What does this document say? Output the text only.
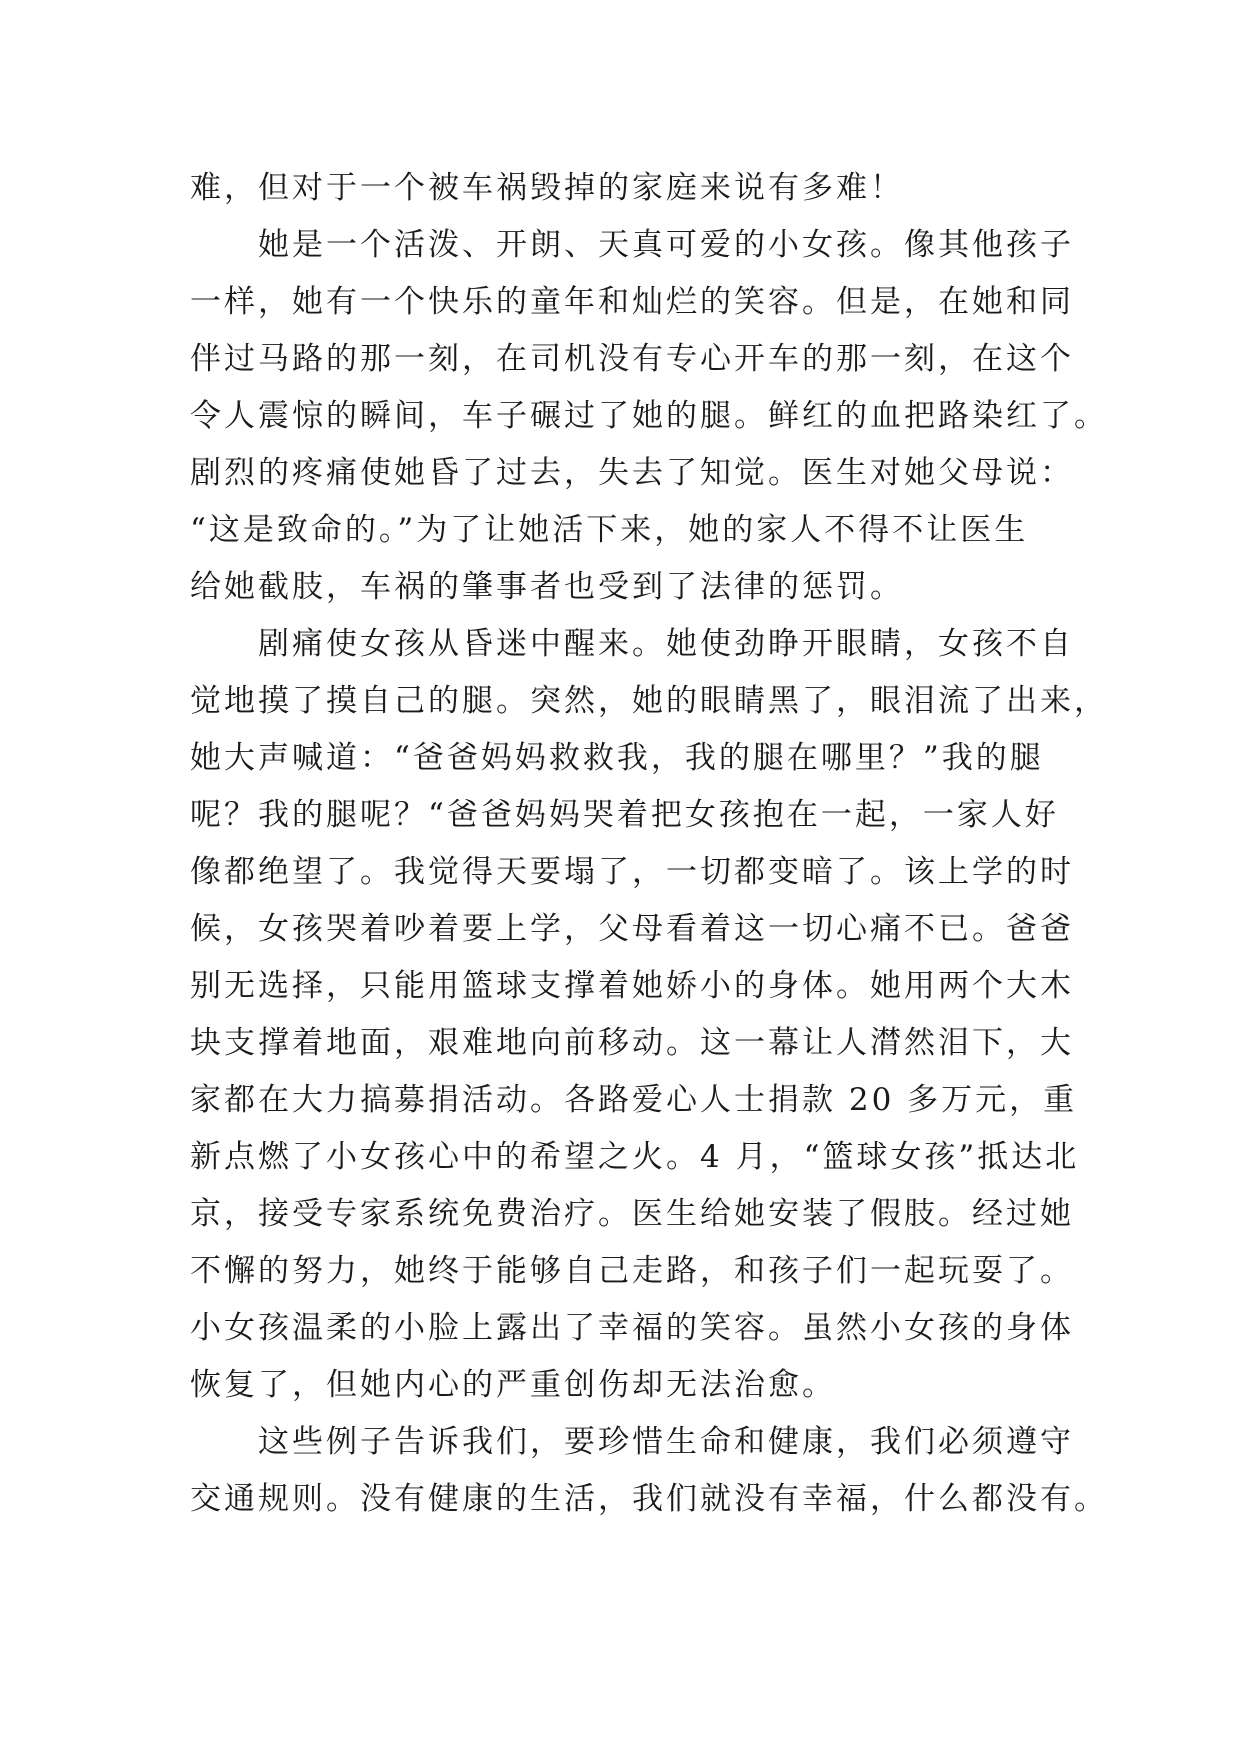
难，但对于一个被车祸毁掉的家庭来说有多难！
她是一个活泼、开朗、天真可爱的小女孩。像其他孩子
一样，她有一个快乐的童年和灿烂的笑容。但是，在她和同
伴过马路的那一刻，在司机没有专心开车的那一刻，在这个
令人震惊的瞬间，车子碾过了她的腿。鲜红的血把路染红了。
剧烈的疼痛使她昏了过去，失去了知觉。医生对她父母说：
“这是致命的。”为了让她活下来，她的家人不得不让医生
给她截肢，车祸的肇事者也受到了法律的惩罚。
剧痛使女孩从昏迷中醒来。她使劲睁开眼睛，女孩不自
觉地摸了摸自己的腿。突然，她的眼睛黑了，眼泪流了出来，
她大声喊道：“爸爸妈妈救救我，我的腿在哪里？”我的腿
呢？我的腿呢？“爸爸妈妈哭着把女孩抱在一起，一家人好
像都绝望了。我觉得天要塌了，一切都变暗了。该上学的时
候，女孩哭着吵着要上学，父母看着这一切心痛不已。爸爸
别无选择，只能用篮球支撑着她娇小的身体。她用两个大木
块支撑着地面，艰难地向前移动。这一幕让人潸然泪下，大
家都在大力搞募捐活动。各路爱心人士捐款 20 多万元，重
新点燃了小女孩心中的希望之火。4 月，“篮球女孩”抵达北
京，接受专家系统免费治疗。医生给她安装了假肢。经过她
不懈的努力，她终于能够自己走路，和孩子们一起玩耍了。
小女孩温柔的小脸上露出了幸福的笑容。虽然小女孩的身体
恢复了，但她内心的严重创伤却无法治愈。
这些例子告诉我们，要珍惜生命和健康，我们必须遵守
交通规则。没有健康的生活，我们就没有幸福，什么都没有。
